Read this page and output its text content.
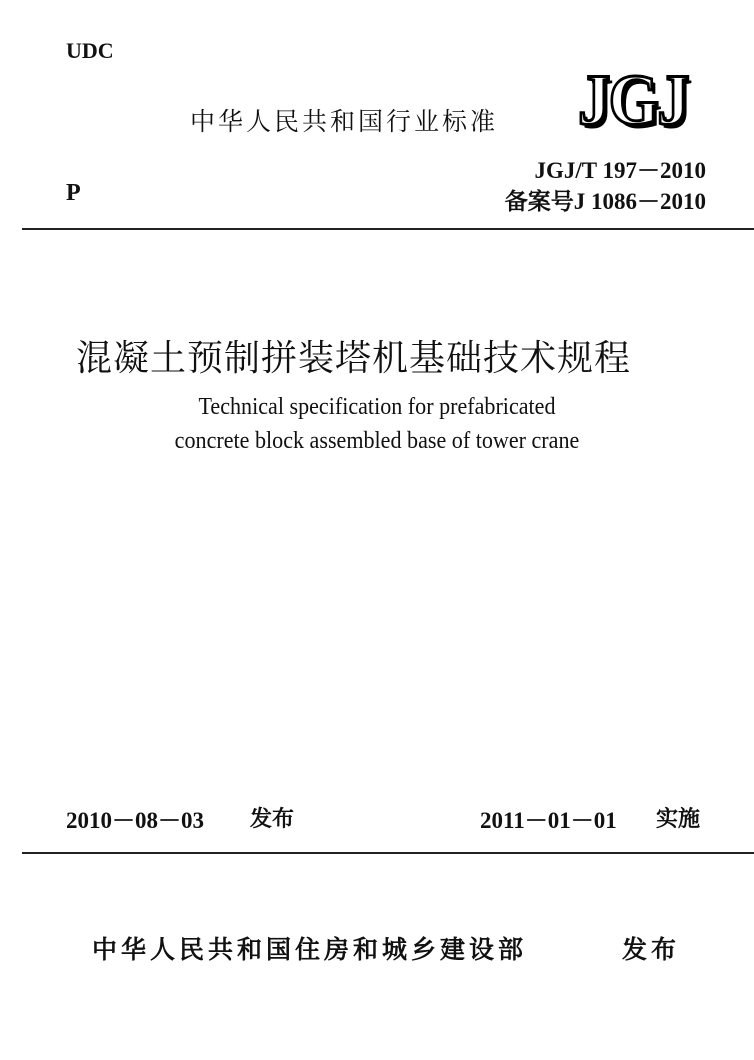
UDC
中华人民共和国行业标准 JGJ
JGJ/T 197－2010
P	备案号J 1086－2010
混凝土预制拼装塔机基础技术规程
Technical specification for prefabricated
concrete block assembled base of tower crane
2010－08－03 发布	2011－01－01 实施
中华人民共和国住房和城乡建设部	发布
